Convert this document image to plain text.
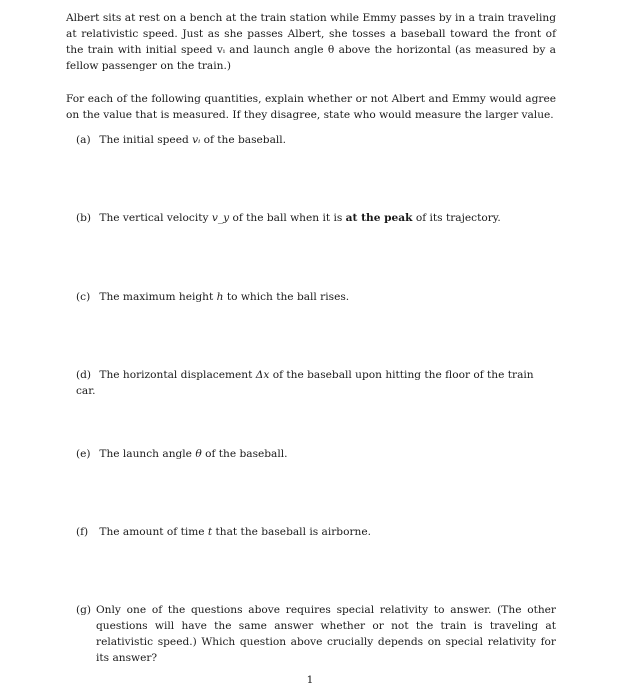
Albert sits at rest on a bench at the train station while Emmy passes by in a train traveling at relativistic speed. Just as she passes Albert, she tosses a baseball toward the front of the train with initial speed vᵢ and launch angle θ above the horizontal (as measured by a fellow passenger on the train.)

For each of the following quantities, explain whether or not Albert and Emmy would agree on the value that is measured. If they disagree, state who would measure the larger value.

(a) The initial speed vᵢ of the baseball.

(b) The vertical velocity v_y of the ball when it is at the peak of its trajectory.

(c) The maximum height h to which the ball rises.

(d) The horizontal displacement Δx of the baseball upon hitting the floor of the train car.

(e) The launch angle θ of the baseball.

(f) The amount of time t that the baseball is airborne.

(g) Only one of the questions above requires special relativity to answer. (The other questions will have the same answer whether or not the train is traveling at relativistic speed.) Which question above crucially depends on special relativity for its answer?
1
